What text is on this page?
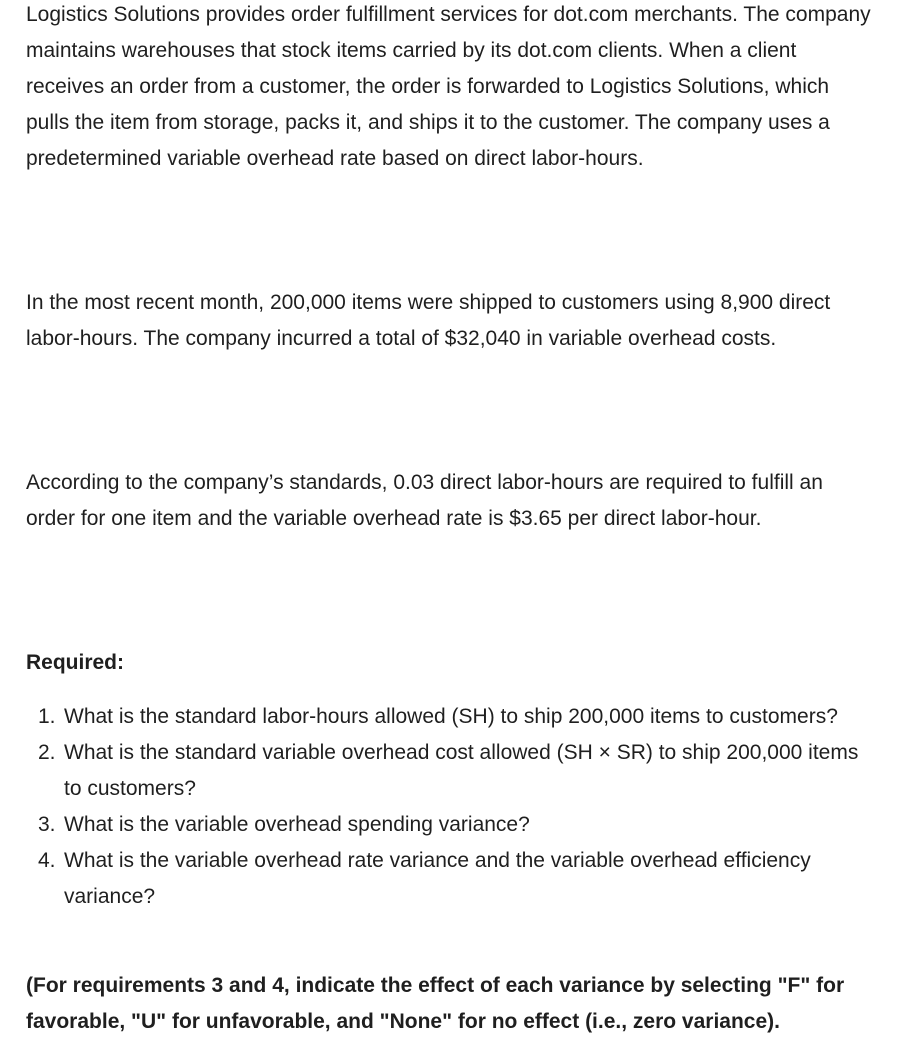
Logistics Solutions provides order fulfillment services for dot.com merchants. The company maintains warehouses that stock items carried by its dot.com clients. When a client receives an order from a customer, the order is forwarded to Logistics Solutions, which pulls the item from storage, packs it, and ships it to the customer. The company uses a predetermined variable overhead rate based on direct labor-hours.

In the most recent month, 200,000 items were shipped to customers using 8,900 direct labor-hours. The company incurred a total of $32,040 in variable overhead costs.

According to the company’s standards, 0.03 direct labor-hours are required to fulfill an order for one item and the variable overhead rate is $3.65 per direct labor-hour.

Required:

1. What is the standard labor-hours allowed (SH) to ship 200,000 items to customers?
2. What is the standard variable overhead cost allowed (SH × SR) to ship 200,000 items to customers?
3. What is the variable overhead spending variance?
4. What is the variable overhead rate variance and the variable overhead efficiency variance?

(For requirements 3 and 4, indicate the effect of each variance by selecting "F" for favorable, "U" for unfavorable, and "None" for no effect (i.e., zero variance).
